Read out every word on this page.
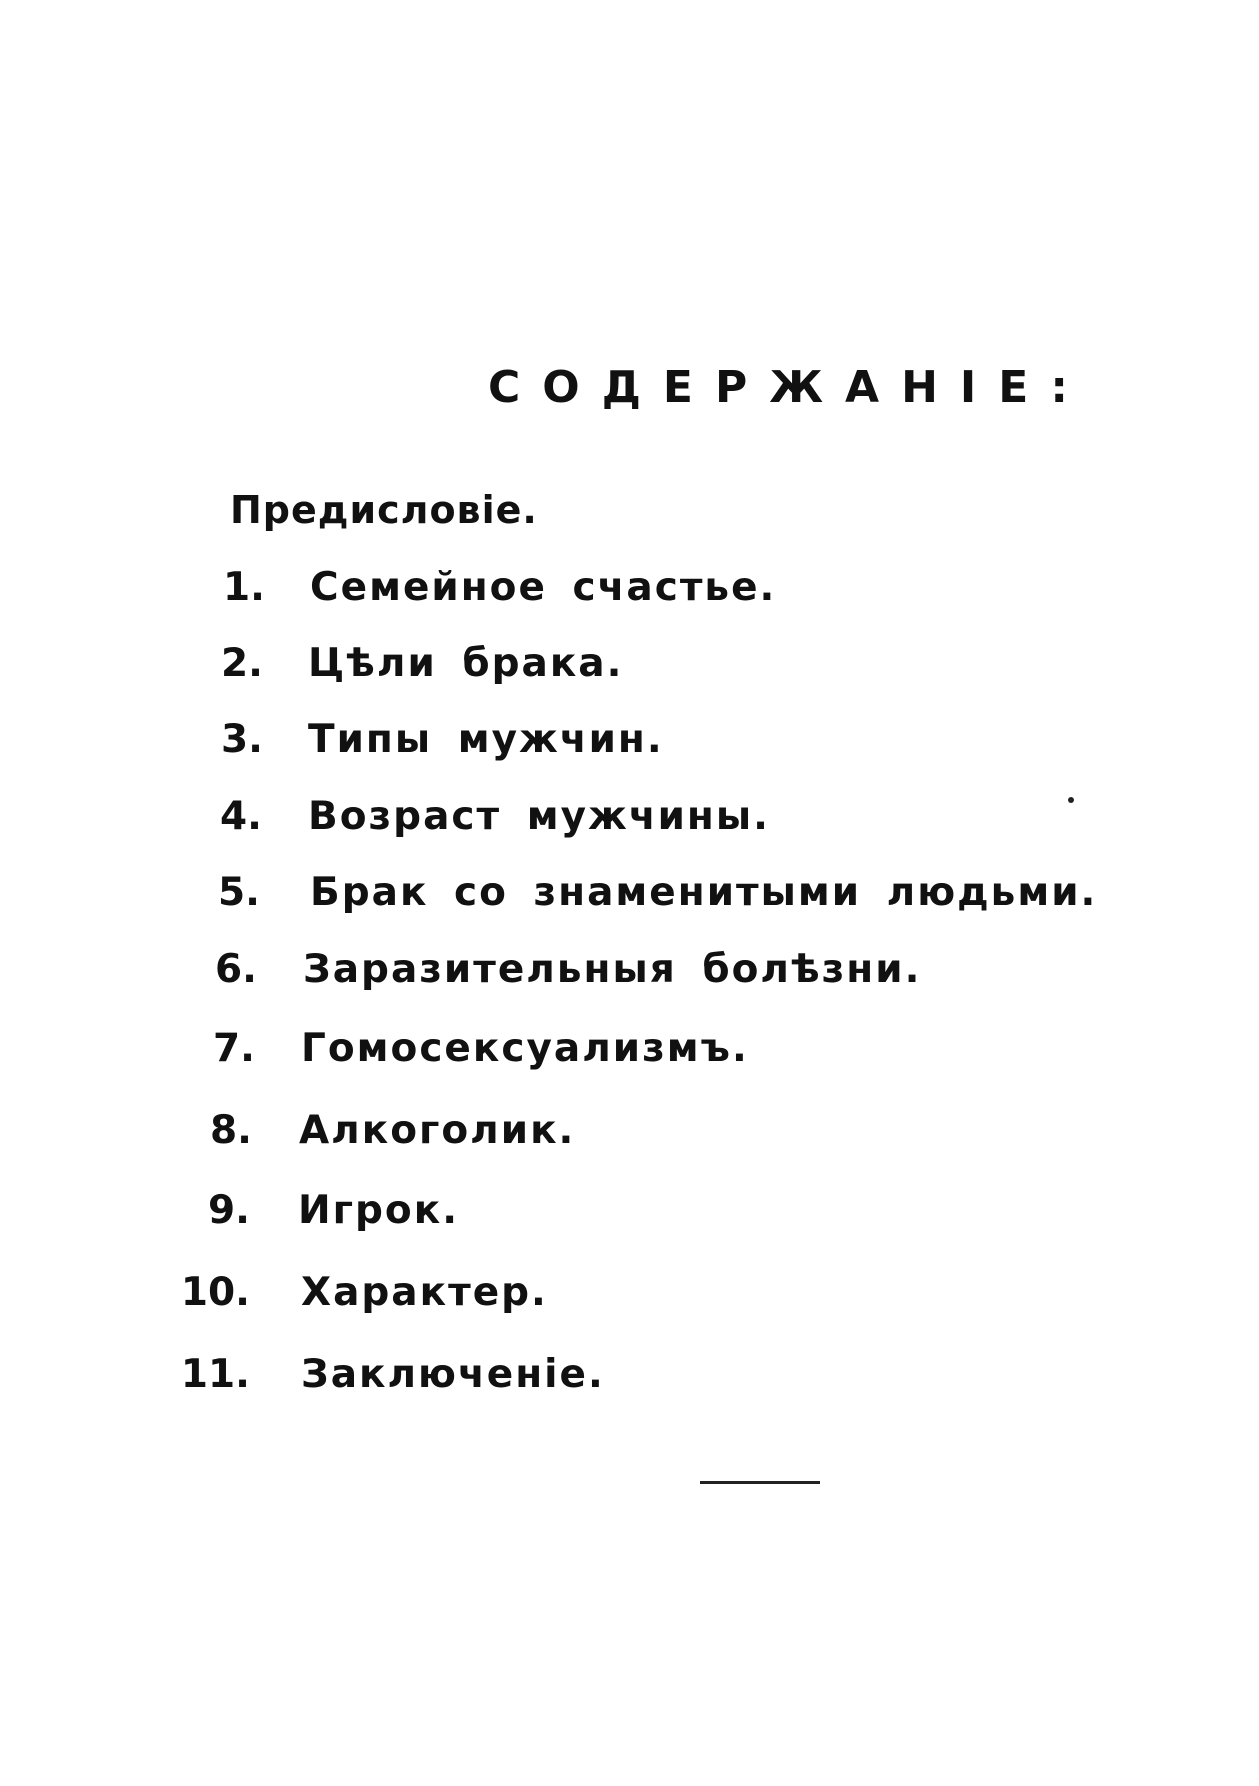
СОДЕРЖАНІЕ:
Предисловіе.
1. Семейное счастье.
2. Цѣли брака.
3. Типы мужчин.
4. Возраст мужчины.
5. Брак со знаменитыми людьми.
6. Заразительныя болѣзни.
7. Гомосексуализмъ.
8. Алкоголик.
9. Игрок.
10. Характер.
11. Заключеніе.
